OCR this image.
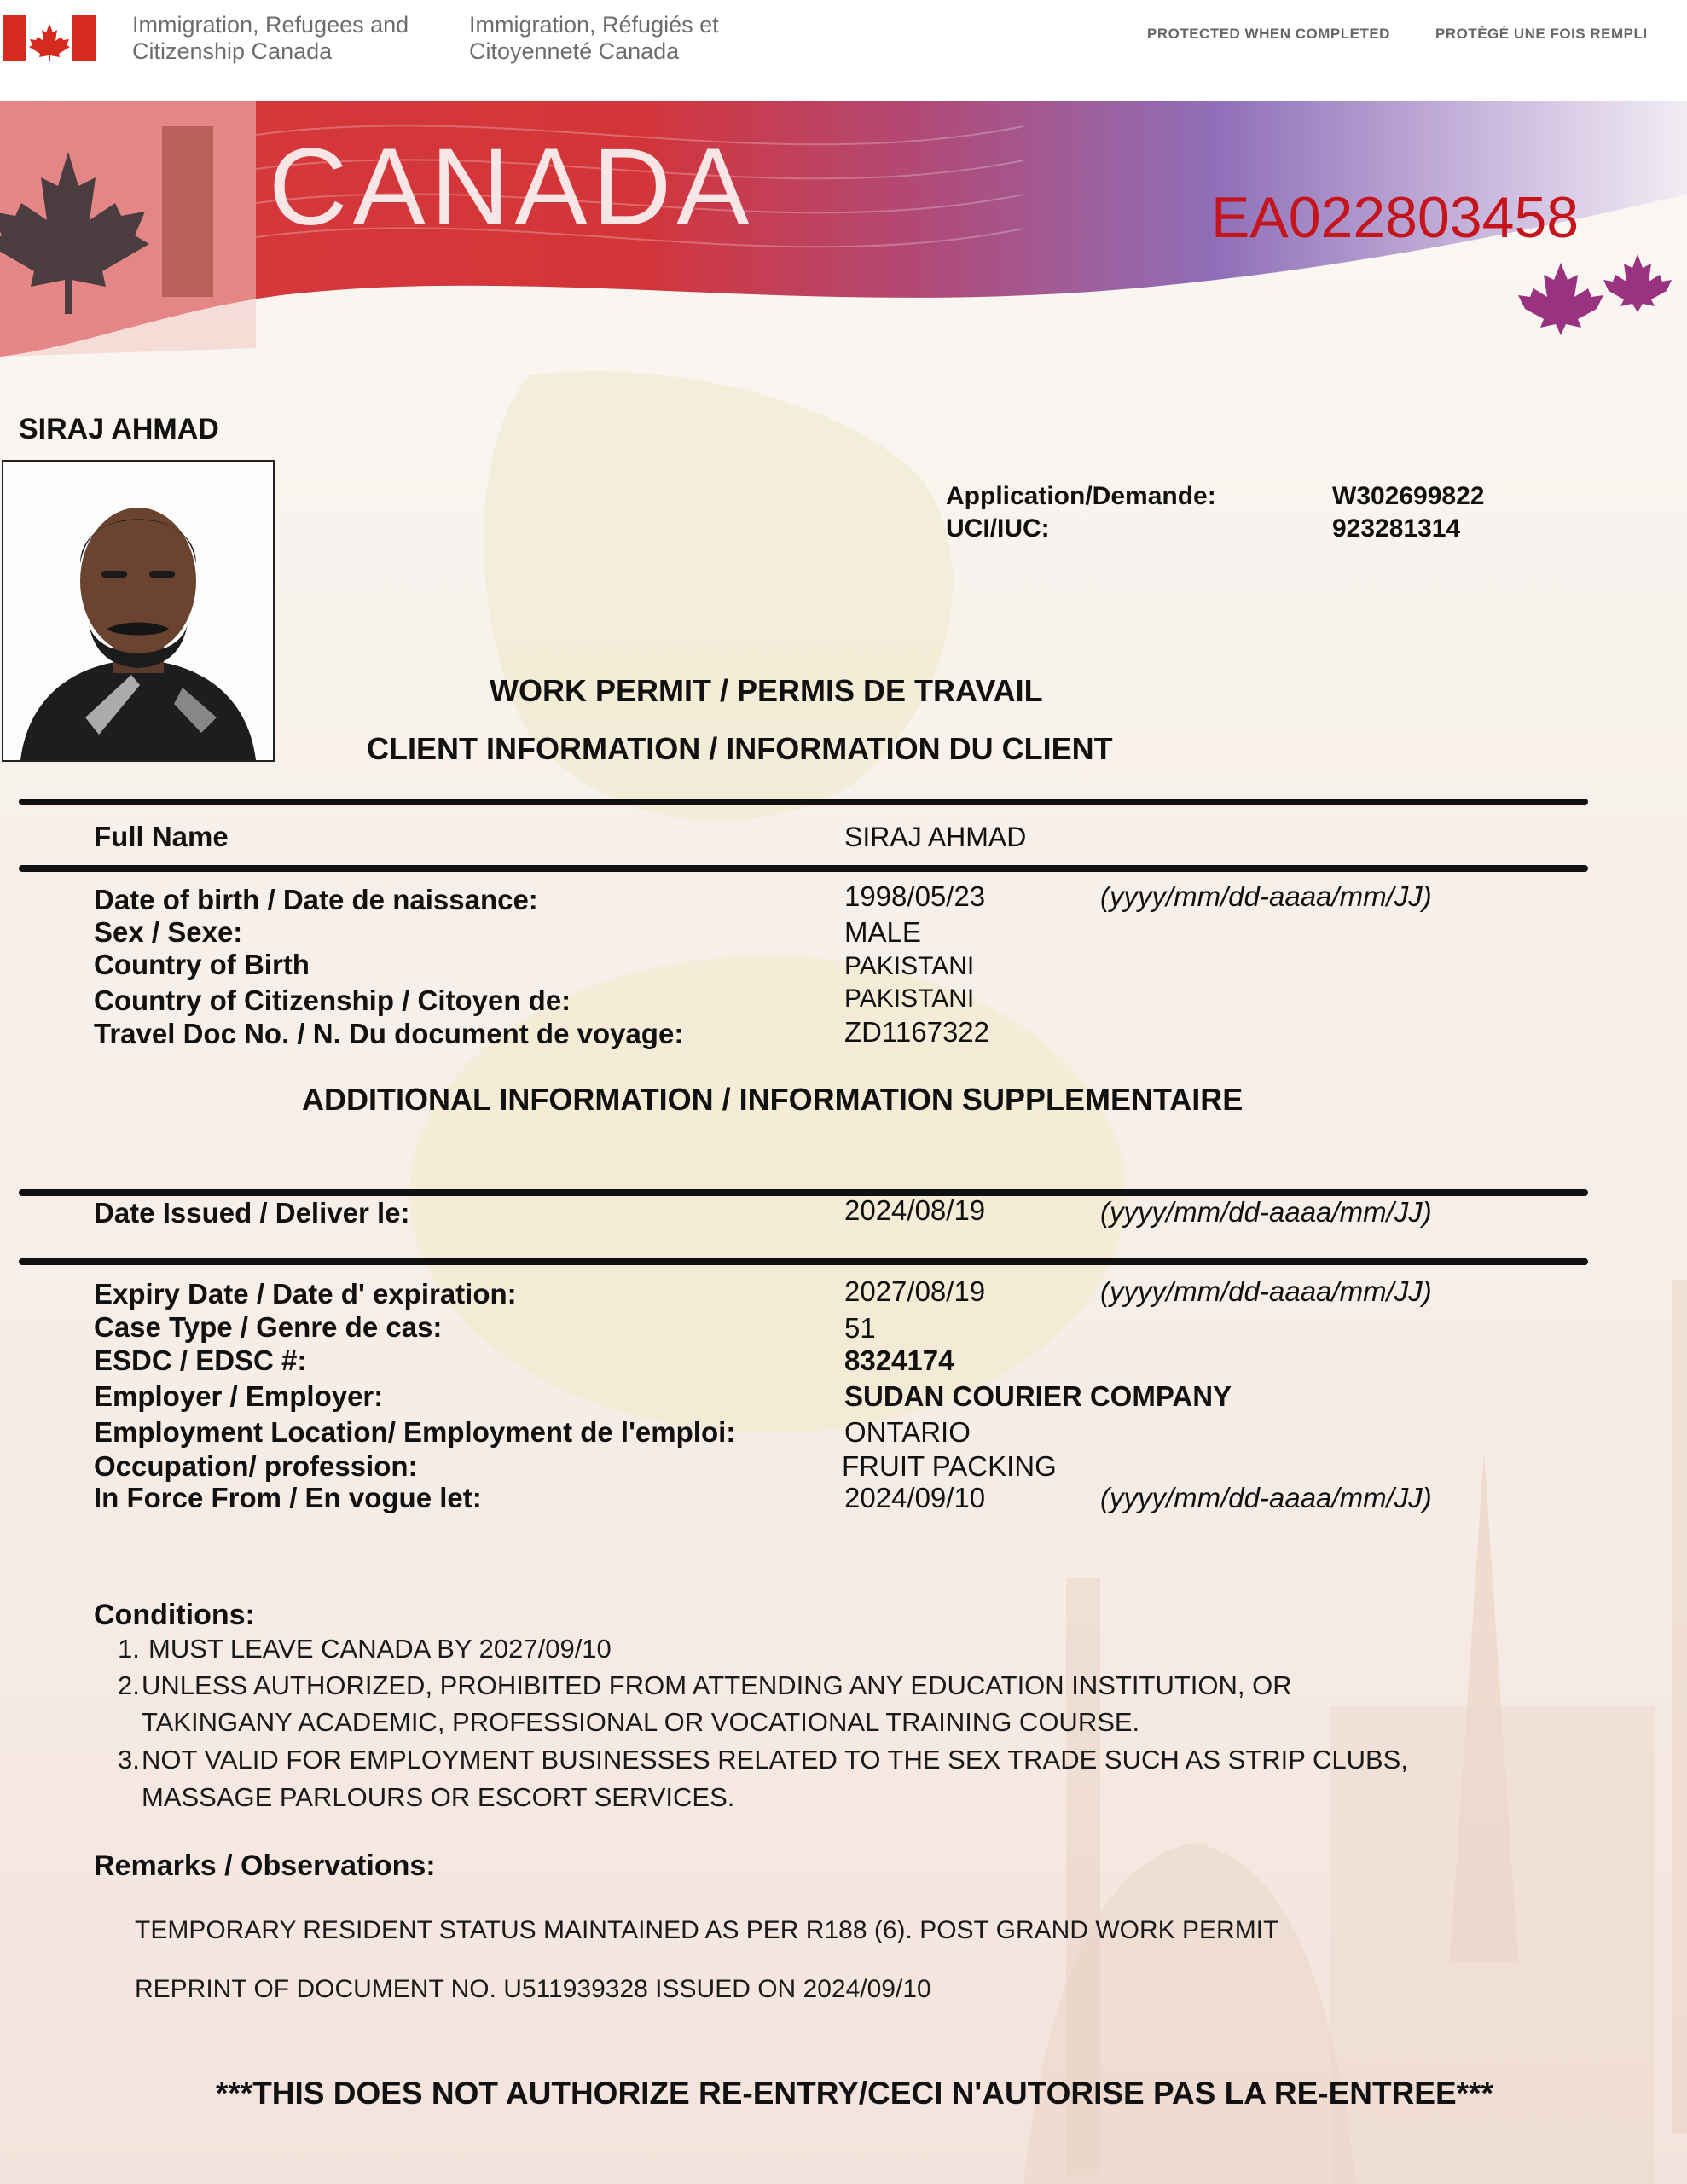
Immigration, Refugees and
Citizenship Canada
Immigration, Réfugiés et
Citoyenneté Canada
PROTECTED WHEN COMPLETED	PROTÉGÉ UNE FOIS REMPLI
CANADA	EA022803458
SIRAJ AHMAD
Application/Demande:	W302699822
UCI/IUC:	923281314
WORK PERMIT / PERMIS DE TRAVAIL
CLIENT INFORMATION / INFORMATION DU CLIENT
Full Name	SIRAJ AHMAD
Date of birth / Date de naissance:	1998/05/23	(yyyy/mm/dd-aaaa/mm/JJ)
Sex / Sexe:	MALE
Country of Birth	PAKISTANI
Country of Citizenship / Citoyen de:	PAKISTANI
Travel Doc No. / N. Du document de voyage:	ZD1167322
ADDITIONAL INFORMATION / INFORMATION SUPPLEMENTAIRE
Date Issued / Deliver le:	2024/08/19	(yyyy/mm/dd-aaaa/mm/JJ)
Expiry Date / Date d' expiration:	2027/08/19	(yyyy/mm/dd-aaaa/mm/JJ)
Case Type / Genre de cas:	51
ESDC / EDSC #:	8324174
Employer / Employer:	SUDAN COURIER COMPANY
Employment Location/ Employment de l'emploi:	ONTARIO
Occupation/ profession:	FRUIT PACKING
In Force From / En vogue let:	2024/09/10	(yyyy/mm/dd-aaaa/mm/JJ)
Conditions:
1. MUST LEAVE CANADA BY 2027/09/10
2. UNLESS AUTHORIZED, PROHIBITED FROM ATTENDING ANY EDUCATION INSTITUTION, OR
TAKINGANY ACADEMIC, PROFESSIONAL OR VOCATIONAL TRAINING COURSE.
3. NOT VALID FOR EMPLOYMENT BUSINESSES RELATED TO THE SEX TRADE SUCH AS STRIP CLUBS,
MASSAGE PARLOURS OR ESCORT SERVICES.
Remarks / Observations:
TEMPORARY RESIDENT STATUS MAINTAINED AS PER R188 (6). POST GRAND WORK PERMIT
REPRINT OF DOCUMENT NO. U511939328 ISSUED ON 2024/09/10
***THIS DOES NOT AUTHORIZE RE-ENTRY/CECI N'AUTORISE PAS LA RE-ENTREE***
